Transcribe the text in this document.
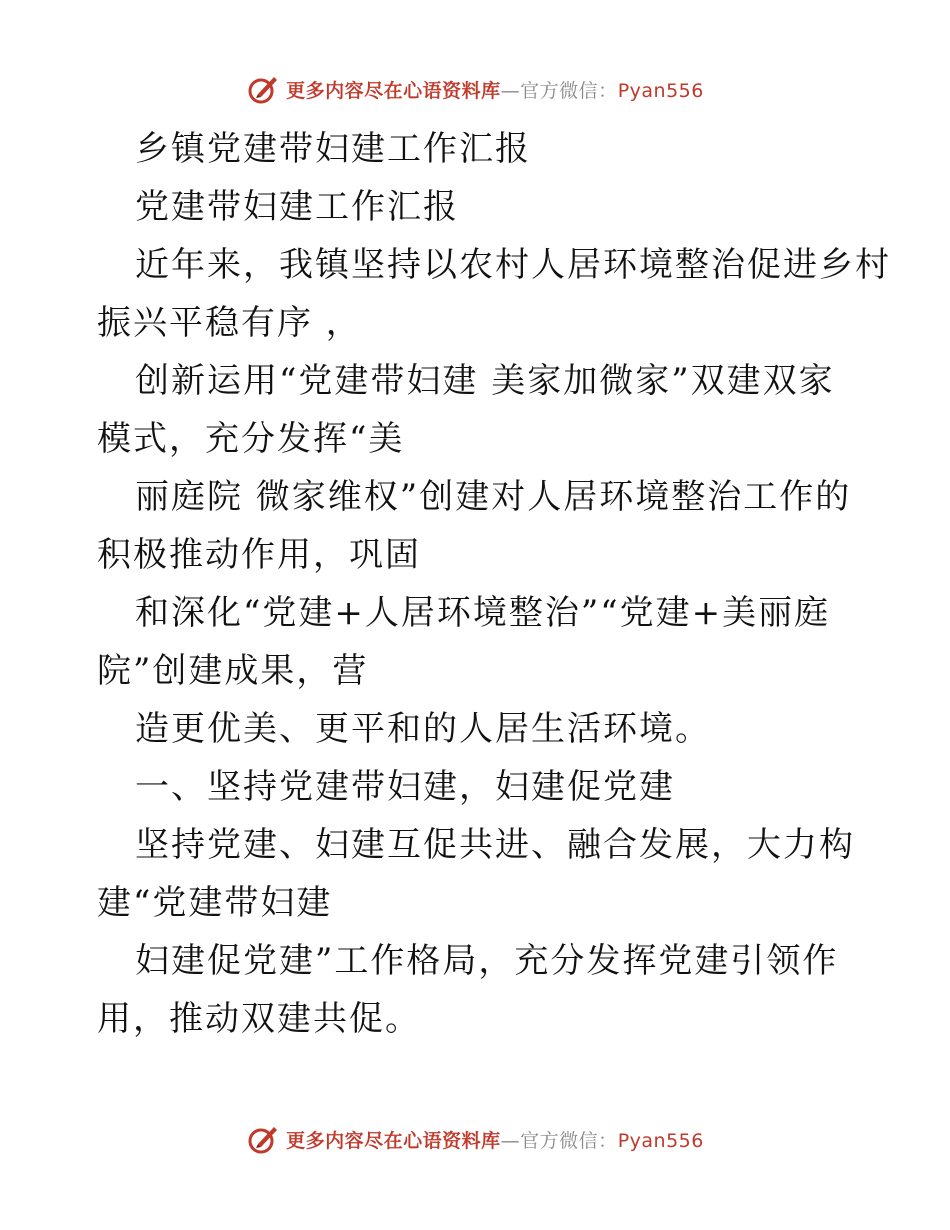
更多内容尽在心语资料库—官方微信：Pyan556
乡镇党建带妇建工作汇报
党建带妇建工作汇报
近年来，我镇坚持以农村人居环境整治促进乡村
振兴平稳有序 ，
创新运用“党建带妇建 美家加微家”双建双家
模式，充分发挥“美
丽庭院 微家维权”创建对人居环境整治工作的
积极推动作用，巩固
和深化“党建+人居环境整治”“党建+美丽庭
院”创建成果，营
造更优美、更平和的人居生活环境。
一、坚持党建带妇建，妇建促党建
坚持党建、妇建互促共进、融合发展，大力构
建“党建带妇建
妇建促党建”工作格局，充分发挥党建引领作
用，推动双建共促。
更多内容尽在心语资料库—官方微信：Pyan556
